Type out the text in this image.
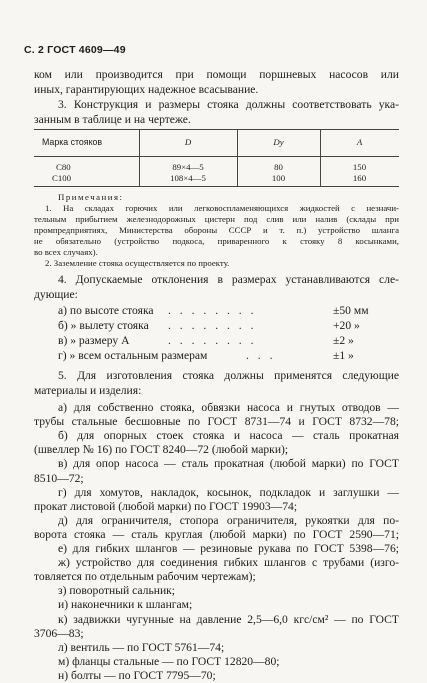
С. 2 ГОСТ 4609—49
ком или производится при помощи поршневых насосов или
иных, гарантирующих надежное всасывание.
3. Конструкция и размеры стояка должны соответствовать ука-
занным в таблице и на чертеже.
Марка стояков	D	Dy	A
С80	89×4—5	80	150
С100	108×4—5	100	160
Примечания:
1. На складах горючих или легковоспламеняющихся жидкостей с незначи-
тельным прибытием железнодорожных цистерн под слив или налив (склады при
промпредприятиях, Министерства обороны СССР и т. п.) устройство шланга
не обязательно (устройство подкоса, приваренного к стояку 8 косынками,
во всех случаях).
2. Заземление стояка осуществляется по проекту.
4. Допускаемые отклонения в размерах устанавливаются сле-
дующие:
а) по высоте стояка . . . . . . . .	±50 мм
б) » вылету стояка . . . . . . . .	+20 »
в) » размеру A	. . . . . . . .	±2 »
г) » всем остальным размерам	. . .	±1 »
5. Для изготовления стояка должны применятся следующие
материалы и изделия:
а) для собственно стояка, обвязки насоса и гнутых отводов —
трубы стальные бесшовные по ГОСТ 8731—74 и ГОСТ 8732—78;
б) для опорных стоек стояка и насоса — сталь прокатная
(швеллер № 16) по ГОСТ 8240—72 (любой марки);
в) для опор насоса — сталь прокатная (любой марки) по ГОСТ
8510—72;
г) для хомутов, накладок, косынок, подкладок и заглушки —
прокат листовой (любой марки) по ГОСТ 19903—74;
д) для ограничителя, стопора ограничителя, рукоятки для по-
ворота стояка — сталь круглая (любой марки) по ГОСТ 2590—71;
е) для гибких шлангов — резиновые рукава по ГОСТ 5398—76;
ж) устройство для соединения гибких шлангов с трубами (изго-
товляется по отдельным рабочим чертежам);
з) поворотный сальник;
и) наконечники к шлангам;
к) задвижки чугунные на давление 2,5—6,0 кгс/см² — по ГОСТ
3706—83;
л) вентиль — по ГОСТ 5761—74;
м) фланцы стальные — по ГОСТ 12820—80;
н) болты — по ГОСТ 7795—70;
